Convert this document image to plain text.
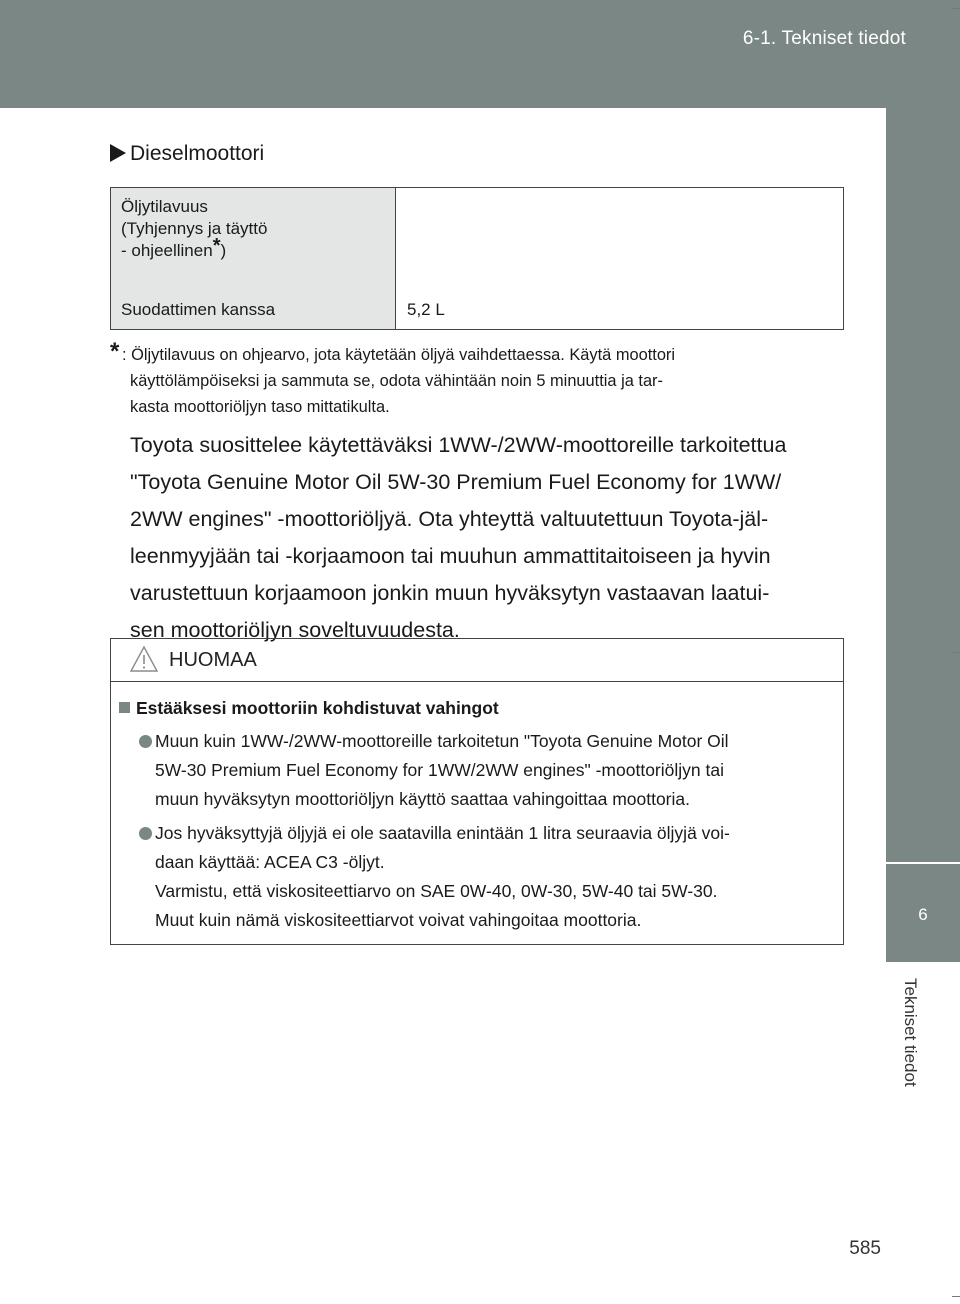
6-1. Tekniset tiedot
6
Tekniset tiedot
Dieselmoottori
Öljytilavuus
(Tyhjennys ja täyttö
- ohjeellinen*)
Suodattimen kanssa	5,2 L
* : Öljytilavuus on ohjearvo, jota käytetään öljyä vaihdettaessa. Käytä moottori
käyttölämpöiseksi ja sammuta se, odota vähintään noin 5 minuuttia ja tar-
kasta moottoriöljyn taso mittatikulta.
Toyota suosittelee käytettäväksi 1WW-/2WW-moottoreille tarkoitettua
"Toyota Genuine Motor Oil 5W-30 Premium Fuel Economy for 1WW/
2WW engines" -moottoriöljyä. Ota yhteyttä valtuutettuun Toyota-jäl-
leenmyyjään tai -korjaamoon tai muuhun ammattitaitoiseen ja hyvin
varustettuun korjaamoon jonkin muun hyväksytyn vastaavan laatui-
sen moottoriöljyn soveltuvuudesta.
HUOMAA
Estääksesi moottoriin kohdistuvat vahingot
Muun kuin 1WW-/2WW-moottoreille tarkoitetun "Toyota Genuine Motor Oil
5W-30 Premium Fuel Economy for 1WW/2WW engines" -moottoriöljyn tai
muun hyväksytyn moottoriöljyn käyttö saattaa vahingoittaa moottoria.
Jos hyväksyttyjä öljyjä ei ole saatavilla enintään 1 litra seuraavia öljyjä voi-
daan käyttää: ACEA C3 -öljyt.
Varmistu, että viskositeettiarvo on SAE 0W-40, 0W-30, 5W-40 tai 5W-30.
Muut kuin nämä viskositeettiarvot voivat vahingoitaa moottoria.
585
